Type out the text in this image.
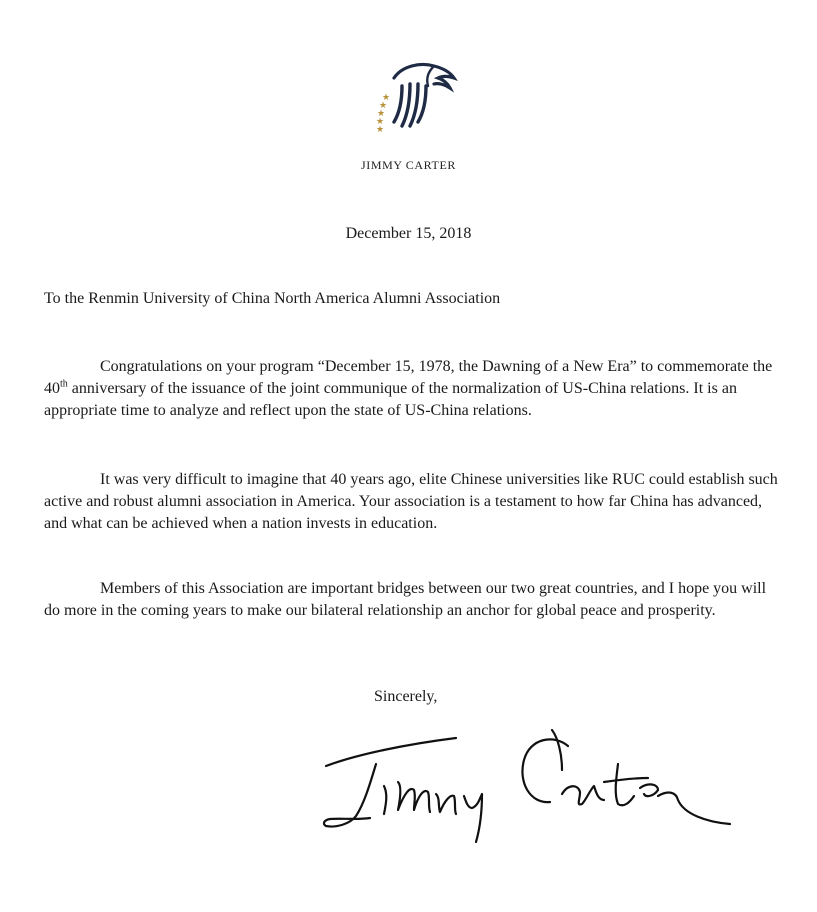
★
★
★
★
★
JIMMY CARTER
December 15, 2018
To the Renmin University of China North America Alumni Association

Congratulations on your program “December 15, 1978, the Dawning of a New Era” to commemorate the 40th anniversary of the issuance of the joint communique of the normalization of US-China relations. It is an appropriate time to analyze and reflect upon the state of US-China relations.

It was very difficult to imagine that 40 years ago, elite Chinese universities like RUC could establish such active and robust alumni association in America. Your association is a testament to how far China has advanced, and what can be achieved when a nation invests in education.

Members of this Association are important bridges between our two great countries, and I hope you will do more in the coming years to make our bilateral relationship an anchor for global peace and prosperity.

Sincerely,
